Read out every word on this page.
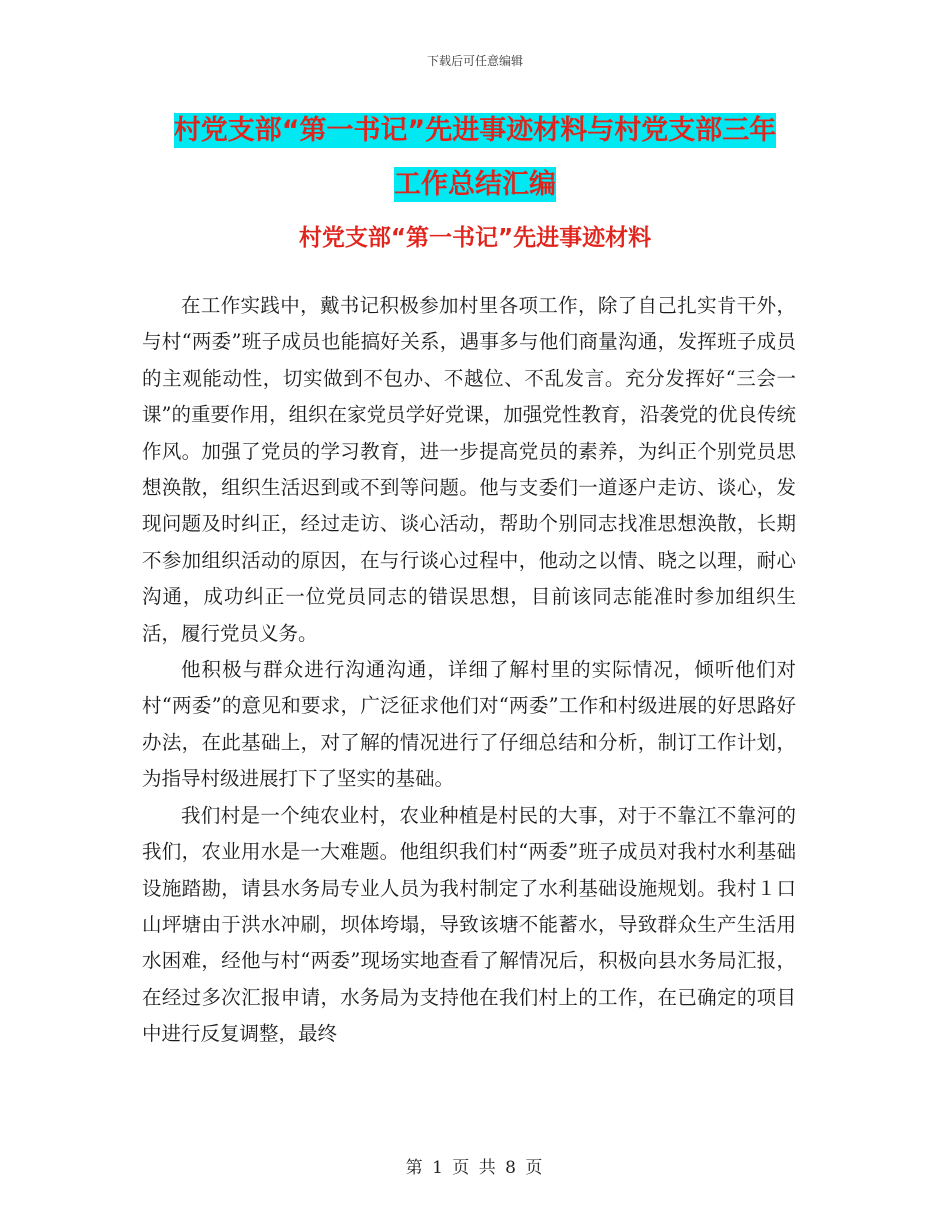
下载后可任意编辑
村党支部“第一书记”先进事迹材料与村党支部三年
工作总结汇编
村党支部“第一书记”先进事迹材料

在工作实践中，戴书记积极参加村里各项工作，除了自己扎实肯干外，与村“两委”班子成员也能搞好关系，遇事多与他们商量沟通，发挥班子成员的主观能动性，切实做到不包办、不越位、不乱发言。充分发挥好“三会一课”的重要作用，组织在家党员学好党课，加强党性教育，沿袭党的优良传统作风。加强了党员的学习教育，进一步提高党员的素养，为纠正个别党员思想涣散，组织生活迟到或不到等问题。他与支委们一道逐户走访、谈心，发现问题及时纠正，经过走访、谈心活动，帮助个别同志找准思想涣散，长期不参加组织活动的原因，在与行谈心过程中，他动之以情、晓之以理，耐心沟通，成功纠正一位党员同志的错误思想，目前该同志能准时参加组织生活，履行党员义务。

他积极与群众进行沟通沟通，详细了解村里的实际情况，倾听他们对村“两委”的意见和要求，广泛征求他们对“两委”工作和村级进展的好思路好办法，在此基础上，对了解的情况进行了仔细总结和分析，制订工作计划，为指导村级进展打下了坚实的基础。

我们村是一个纯农业村，农业种植是村民的大事，对于不靠江不靠河的我们，农业用水是一大难题。他组织我们村“两委”班子成员对我村水利基础设施踏勘，请县水务局专业人员为我村制定了水利基础设施规划。我村１口山坪塘由于洪水冲刷，坝体垮塌，导致该塘不能蓄水，导致群众生产生活用水困难，经他与村“两委”现场实地查看了解情况后，积极向县水务局汇报，在经过多次汇报申请，水务局为支持他在我们村上的工作，在已确定的项目中进行反复调整，最终

第 1 页 共 8 页
